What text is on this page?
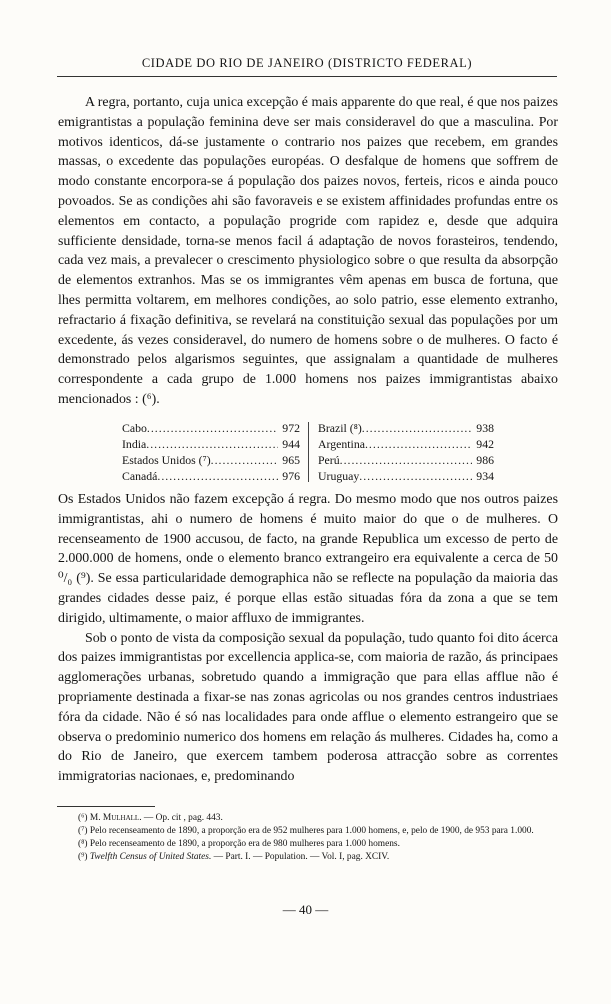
CIDADE DO RIO DE JANEIRO (DISTRICTO FEDERAL)

A regra, portanto, cuja unica excepção é mais apparente do que real, é que nos paizes emigrantistas a população feminina deve ser mais consideravel do que a masculina. Por motivos identicos, dá-se justamente o contrario nos paizes que recebem, em grandes massas, o excedente das populações européas. O desfalque de homens que soffrem de modo constante encorpora-se á população dos paizes novos, ferteis, ricos e ainda pouco povoados. Se as condições ahi são favoraveis e se existem affinidades profundas entre os elementos em contacto, a população progride com rapidez e, desde que adquira sufficiente densidade, torna-se menos facil á adaptação de novos forasteiros, tendendo, cada vez mais, a prevalecer o crescimento physiologico sobre o que resulta da absorpção de elementos extranhos. Mas se os immigrantes vêm apenas em busca de fortuna, que lhes permitta voltarem, em melhores condições, ao solo patrio, esse elemento extranho, refractario á fixação definitiva, se revelará na constituição sexual das populações por um excedente, ás vezes consideravel, do numero de homens sobre o de mulheres. O facto é demonstrado pelos algarismos seguintes, que assignalam a quantidade de mulheres correspondente a cada grupo de 1.000 homens nos paizes immigrantistas abaixo mencionados : (⁶).

Cabo .....	972
India .....	944
Estados Unidos (⁷) .....	965
Canadá .....	976
Brazil (⁸) .....	938
Argentina .....	942
Perú .....	986
Uruguay .....	934

Os Estados Unidos não fazem excepção á regra. Do mesmo modo que nos outros paizes immigrantistas, ahi o numero de homens é muito maior do que o de mulheres. O recenseamento de 1900 accusou, de facto, na grande Republica um excesso de perto de 2.000.000 de homens, onde o elemento branco extrangeiro era equivalente a cerca de 50 ⁰/₀ (⁹). Se essa particularidade demographica não se reflecte na população da maioria das grandes cidades desse paiz, é porque ellas estão situadas fóra da zona a que se tem dirigido, ultimamente, o maior affluxo de immigrantes.

Sob o ponto de vista da composição sexual da população, tudo quanto foi dito ácerca dos paizes immigrantistas por excellencia applica-se, com maioria de razão, ás principaes agglomerações urbanas, sobretudo quando a immigração que para ellas afflue não é propriamente destinada a fixar-se nas zonas agricolas ou nos grandes centros industriaes fóra da cidade. Não é só nas localidades para onde afflue o elemento estrangeiro que se observa o predominio numerico dos homens em relação ás mulheres. Cidades ha, como a do Rio de Janeiro, que exercem tambem poderosa attracção sobre as correntes immigratorias nacionaes, e, predominando

(⁶) M. Mulhall. — Op. cit , pag. 443.
(⁷) Pelo recenseamento de 1890, a proporção era de 952 mulheres para 1.000 homens, e, pelo de 1900, de 953 para 1.000.
(⁸) Pelo recenseamento de 1890, a proporção era de 980 mulheres para 1.000 homens.
(⁹) Twelfth Census of United States. — Part. I. — Population. — Vol. I, pag. XCIV.
— 40 —
